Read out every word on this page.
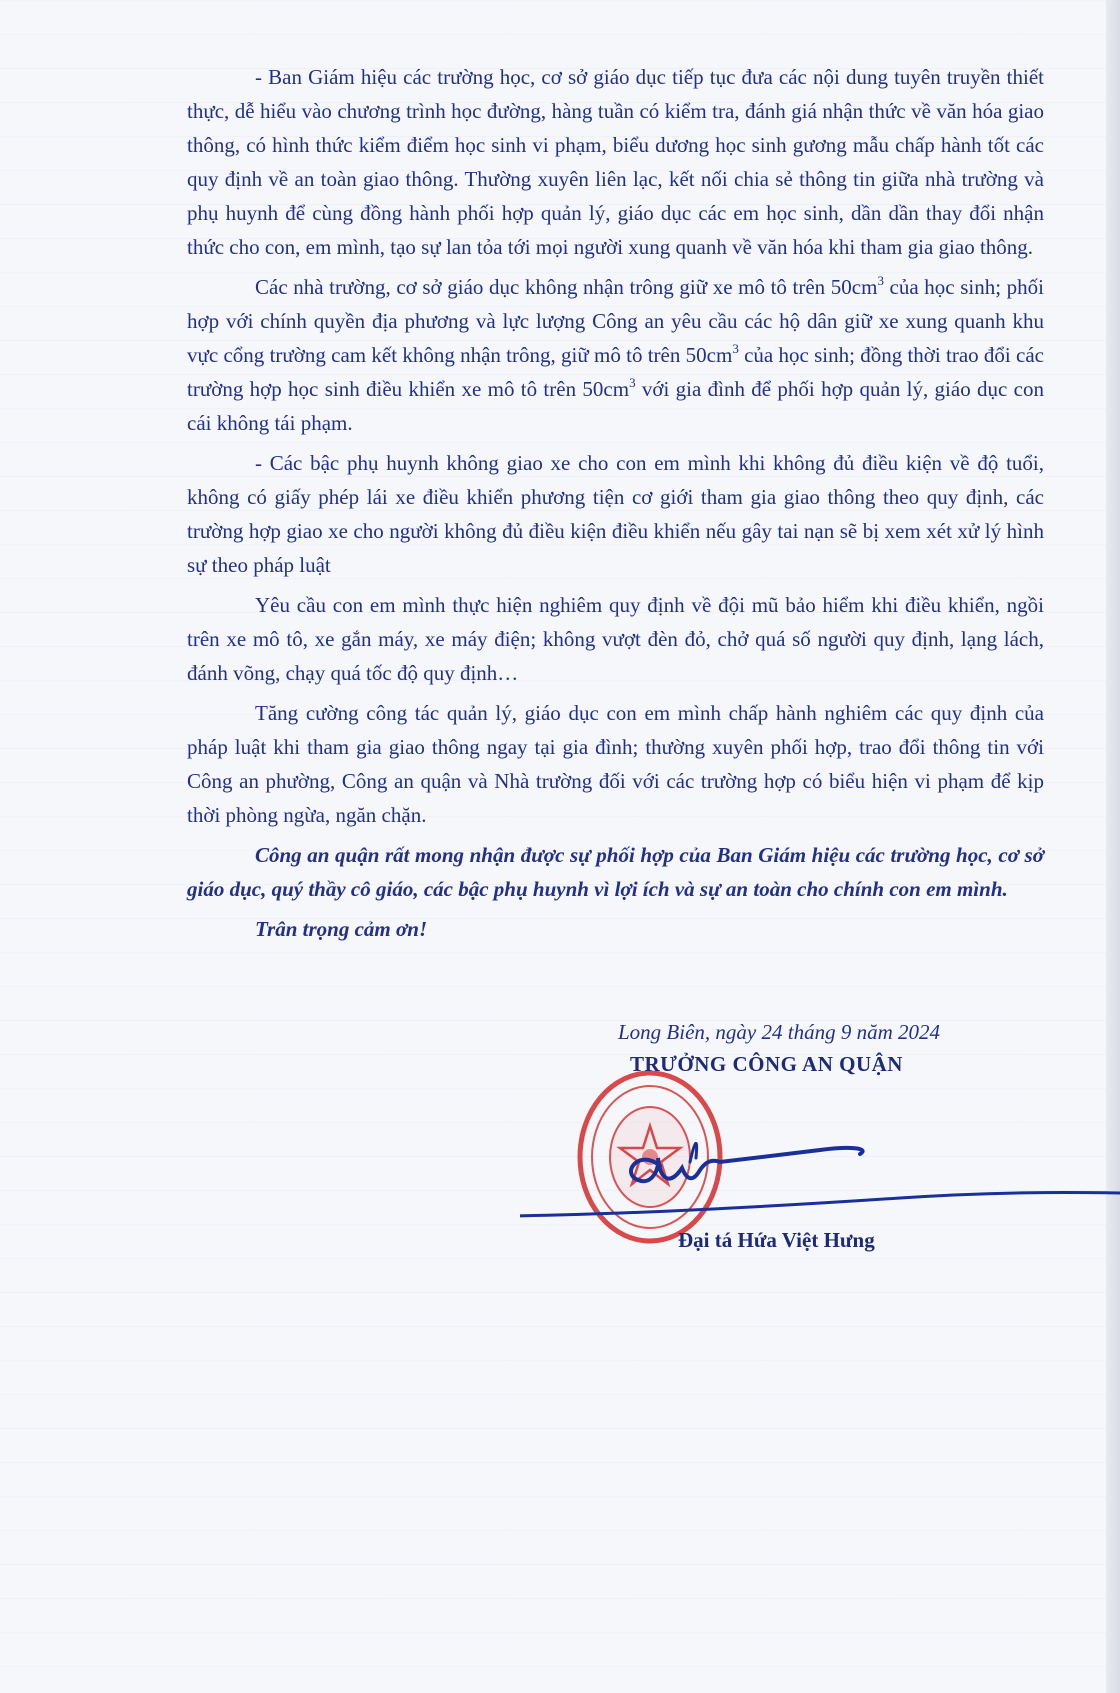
- Ban Giám hiệu các trường học, cơ sở giáo dục tiếp tục đưa các nội dung tuyên truyền thiết thực, dễ hiểu vào chương trình học đường, hàng tuần có kiểm tra, đánh giá nhận thức về văn hóa giao thông, có hình thức kiểm điểm học sinh vi phạm, biểu dương học sinh gương mẫu chấp hành tốt các quy định về an toàn giao thông. Thường xuyên liên lạc, kết nối chia sẻ thông tin giữa nhà trường và phụ huynh để cùng đồng hành phối hợp quản lý, giáo dục các em học sinh, dần dần thay đổi nhận thức cho con, em mình, tạo sự lan tỏa tới mọi người xung quanh về văn hóa khi tham gia giao thông.

Các nhà trường, cơ sở giáo dục không nhận trông giữ xe mô tô trên $50cm^3$ của học sinh; phối hợp với chính quyền địa phương và lực lượng Công an yêu cầu các hộ dân giữ xe xung quanh khu vực cổng trường cam kết không nhận trông, giữ mô tô trên $50cm^3$ của học sinh; đồng thời trao đổi các trường hợp học sinh điều khiển xe mô tô trên $50cm^3$ với gia đình để phối hợp quản lý, giáo dục con cái không tái phạm.

- Các bậc phụ huynh không giao xe cho con em mình khi không đủ điều kiện về độ tuổi, không có giấy phép lái xe điều khiển phương tiện cơ giới tham gia giao thông theo quy định, các trường hợp giao xe cho người không đủ điều kiện điều khiển nếu gây tai nạn sẽ bị xem xét xử lý hình sự theo pháp luật

Yêu cầu con em mình thực hiện nghiêm quy định về đội mũ bảo hiểm khi điều khiển, ngồi trên xe mô tô, xe gắn máy, xe máy điện; không vượt đèn đỏ, chở quá số người quy định, lạng lách, đánh võng, chạy quá tốc độ quy định…

Tăng cường công tác quản lý, giáo dục con em mình chấp hành nghiêm các quy định của pháp luật khi tham gia giao thông ngay tại gia đình; thường xuyên phối hợp, trao đổi thông tin với Công an phường, Công an quận và Nhà trường đối với các trường hợp có biểu hiện vi phạm để kịp thời phòng ngừa, ngăn chặn.

Công an quận rất mong nhận được sự phối hợp của Ban Giám hiệu các trường học, cơ sở giáo dục, quý thầy cô giáo, các bậc phụ huynh vì lợi ích và sự an toàn cho chính con em mình.

Trân trọng cảm ơn!

Long Biên, ngày 24 tháng 9 năm 2024
TRƯỞNG CÔNG AN QUẬN
Đại tá Hứa Việt Hưng
